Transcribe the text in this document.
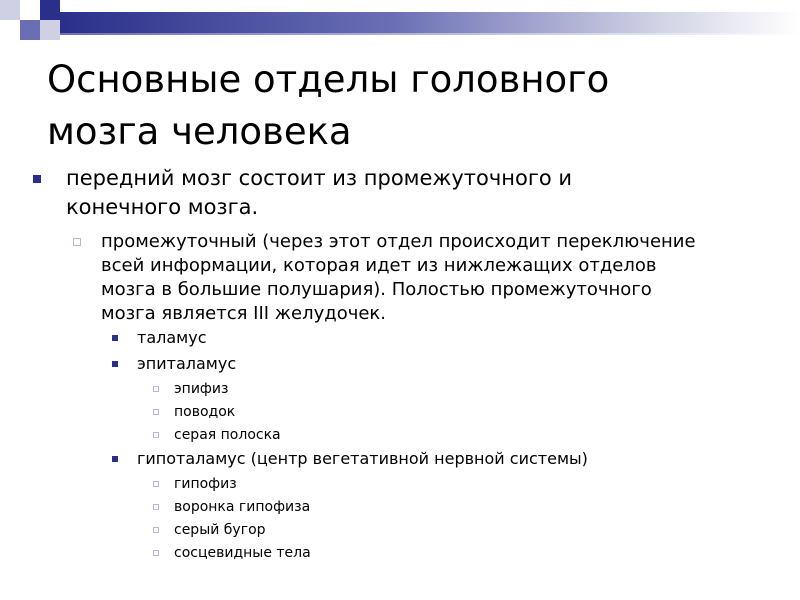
Основные отделы головного
мозга человека
передний мозг состоит из промежуточного и
конечного мозга.
промежуточный (через этот отдел происходит переключение
всей информации, которая идет из нижлежащих отделов
мозга в большие полушария). Полостью промежуточного
мозга является III желудочек.
таламус
эпиталамус
эпифиз
поводок
серая полоска
гипоталамус (центр вегетативной нервной системы)
гипофиз
воронка гипофиза
серый бугор
сосцевидные тела
